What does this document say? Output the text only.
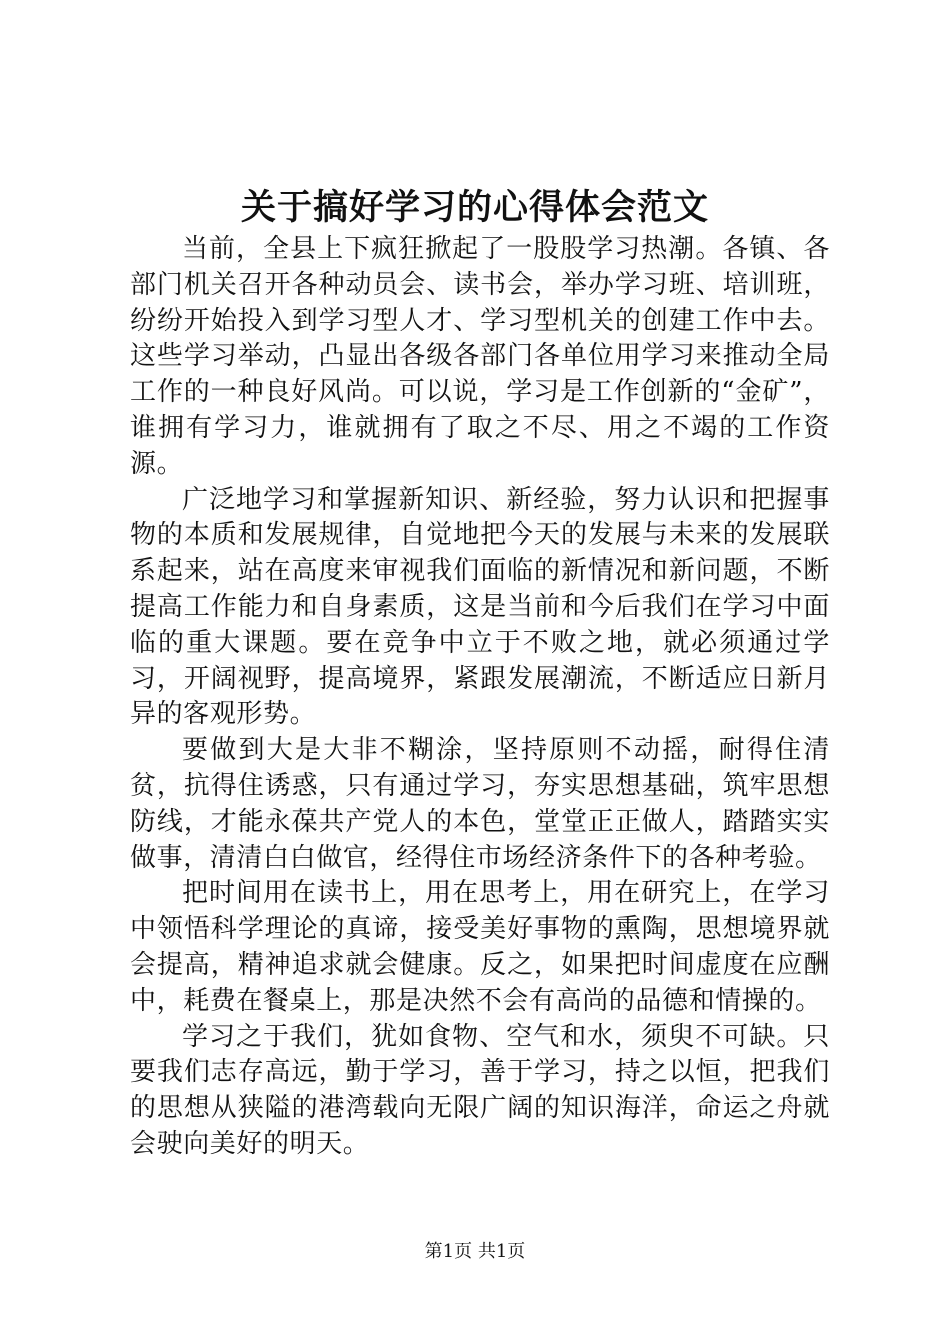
关于搞好学习的心得体会范文

当前，全县上下疯狂掀起了一股股学习热潮。各镇、各部门机关召开各种动员会、读书会，举办学习班、培训班，纷纷开始投入到学习型人才、学习型机关的创建工作中去。这些学习举动，凸显出各级各部门各单位用学习来推动全局工作的一种良好风尚。可以说，学习是工作创新的“金矿”，谁拥有学习力，谁就拥有了取之不尽、用之不竭的工作资源。

广泛地学习和掌握新知识、新经验，努力认识和把握事物的本质和发展规律，自觉地把今天的发展与未来的发展联系起来，站在高度来审视我们面临的新情况和新问题，不断提高工作能力和自身素质，这是当前和今后我们在学习中面临的重大课题。要在竞争中立于不败之地，就必须通过学习，开阔视野，提高境界，紧跟发展潮流，不断适应日新月异的客观形势。

要做到大是大非不糊涂，坚持原则不动摇，耐得住清贫，抗得住诱惑，只有通过学习，夯实思想基础，筑牢思想防线，才能永葆共产党人的本色，堂堂正正做人，踏踏实实做事，清清白白做官，经得住市场经济条件下的各种考验。

把时间用在读书上，用在思考上，用在研究上，在学习中领悟科学理论的真谛，接受美好事物的熏陶，思想境界就会提高，精神追求就会健康。反之，如果把时间虚度在应酬中，耗费在餐桌上，那是决然不会有高尚的品德和情操的。

学习之于我们，犹如食物、空气和水，须臾不可缺。只要我们志存高远，勤于学习，善于学习，持之以恒，把我们的思想从狭隘的港湾载向无限广阔的知识海洋，命运之舟就会驶向美好的明天。

第1页 共1页
